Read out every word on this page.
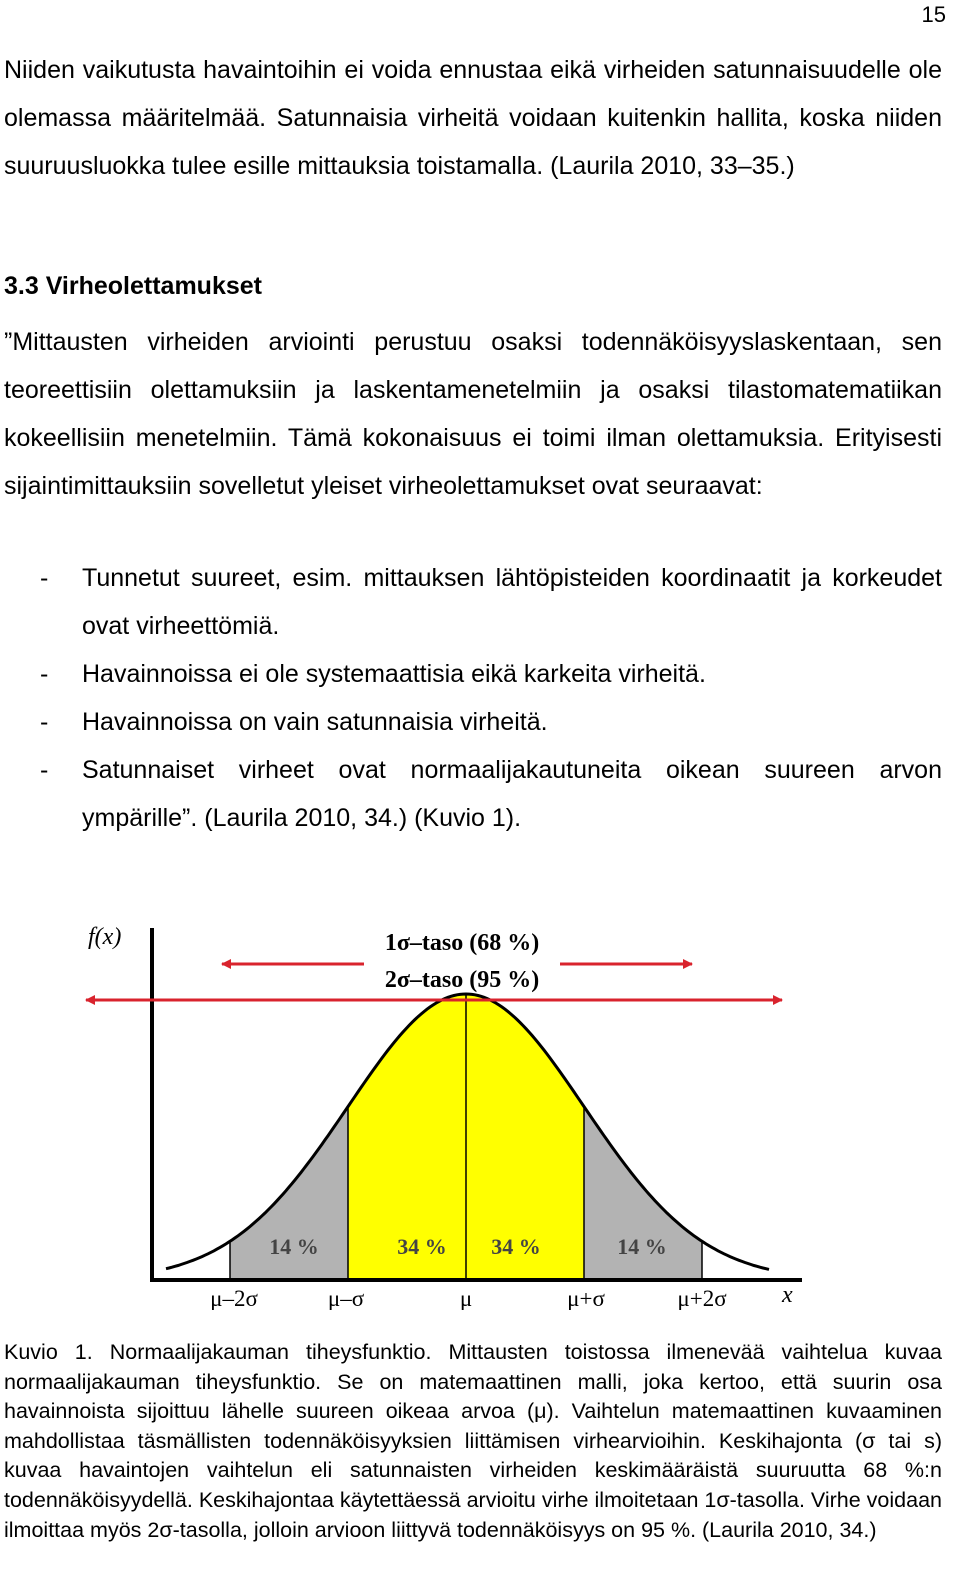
15

Niiden vaikutusta havaintoihin ei voida ennustaa eikä virheiden satunnaisuudelle ole olemassa määritelmää. Satunnaisia virheitä voidaan kuitenkin hallita, koska niiden suuruusluokka tulee esille mittauksia toistamalla. (Laurila 2010, 33–35.)

3.3 Virheolettamukset

”Mittausten virheiden arviointi perustuu osaksi todennäköisyyslaskentaan, sen teoreettisiin olettamuksiin ja laskentamenetelmiin ja osaksi tilastomatematiikan kokeellisiin menetelmiin. Tämä kokonaisuus ei toimi ilman olettamuksia. Erityisesti sijaintimittauksiin sovelletut yleiset virheolettamukset ovat seuraavat:

- Tunnetut suureet, esim. mittauksen lähtöpisteiden koordinaatit ja korkeudet ovat virheettömiä.
- Havainnoissa ei ole systemaattisia eikä karkeita virheitä.
- Havainnoissa on vain satunnaisia virheitä.
- Satunnaiset virheet ovat normaalijakautuneita oikean suureen arvon ympärille”. (Laurila 2010, 34.) (Kuvio 1).
1σ–taso (68 %)
2σ–taso (95 %)
f(x)
x
14 %	34 % 34 %	14 %
μ–2σ	μ–σ	μ	μ+σ	μ+2σ

Kuvio 1. Normaalijakauman tiheysfunktio. Mittausten toistossa ilmenevää vaihtelua kuvaa normaalijakauman tiheysfunktio. Se on matemaattinen malli, joka kertoo, että suurin osa havainnoista sijoittuu lähelle suureen oikeaa arvoa (μ). Vaihtelun matemaattinen kuvaaminen mahdollistaa täsmällisten todennäköisyyksien liittämisen virhearvioihin. Keskihajonta (σ tai s) kuvaa havaintojen vaihtelun eli satunnaisten virheiden keskimääräistä suuruutta 68 %:n todennäköisyydellä. Keskihajontaa käytettäessä arvioitu virhe ilmoitetaan 1σ-tasolla. Virhe voidaan ilmoittaa myös 2σ-tasolla, jolloin arvioon liittyvä todennäköisyys on 95 %. (Laurila 2010, 34.)
